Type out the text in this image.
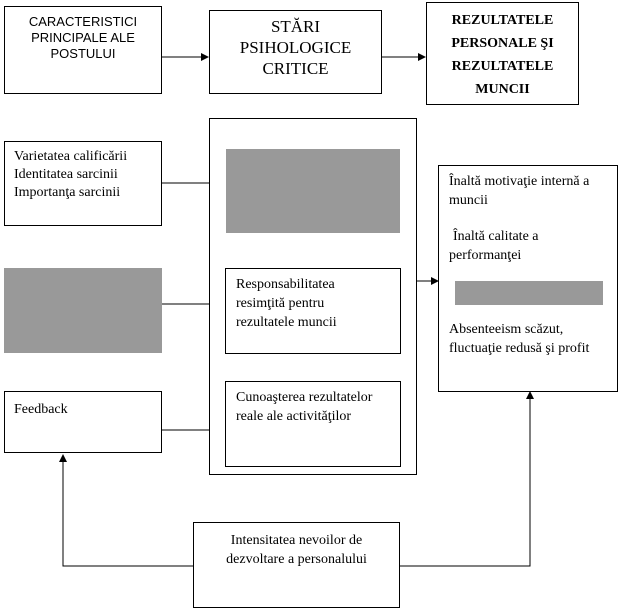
CARACTERISTICI PRINCIPALE ALE POSTULUI
STĂRI PSIHOLOGICE CRITICE
REZULTATELE PERSONALE ŞI REZULTATELE MUNCII
Varietatea calificării
Identitatea sarcinii
Importanţa sarcinii
Feedback
Responsabilitatea resimţită pentru rezultatele muncii
Cunoaşterea rezultatelor reale ale activităţilor
Înaltă motivaţie internă a muncii
Înaltă calitate a performanţei
Absenteeism scăzut, fluctuaţie redusă şi profit
Intensitatea nevoilor de dezvoltare a personalului
